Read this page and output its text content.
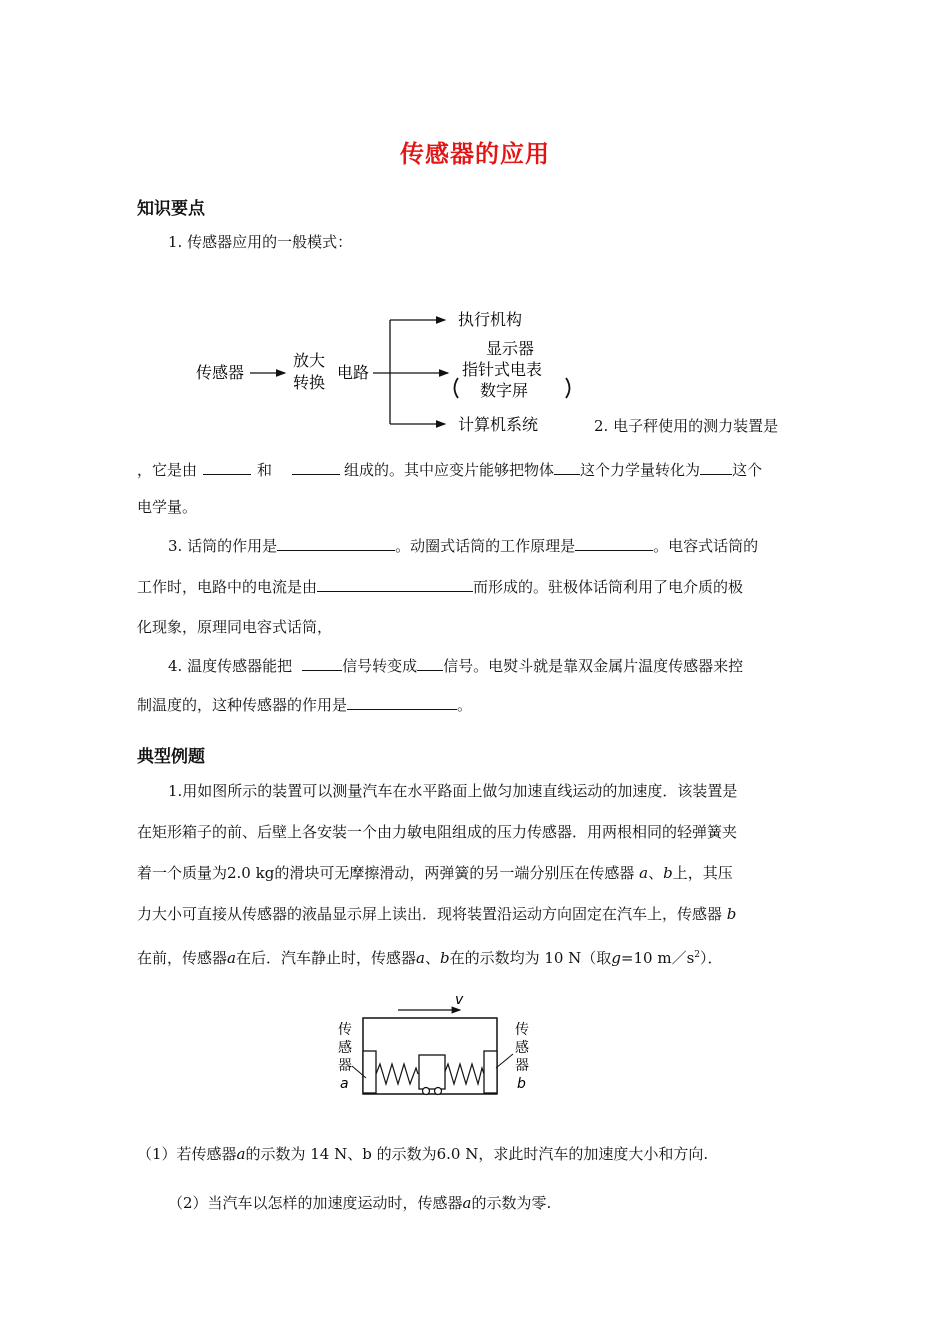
传感器的应用
知识要点
1. 传感器应用的一般模式：
传感器
放大
转换
电路
执行机构
显示器
指针式电表
数字屏
计算机系统	2. 电子秤使用的测力装置是
，它是由	和	组成的。其中应变片能够把物体 这个力学量转化为 这个
电学量。
3. 话筒的作用是	。动圈式话筒的工作原理是	。电容式话筒的
工作时，电路中的电流是由	而形成的。驻极体话筒利用了电介质的极
化现象，原理同电容式话筒，
4. 温度传感器能把	信号转变成 信号。电熨斗就是靠双金属片温度传感器来控
制温度的，这种传感器的作用是	。
典型例题
1.用如图所示的装置可以测量汽车在水平路面上做匀加速直线运动的加速度．该装置是
在矩形箱子的前、后壁上各安装一个由力敏电阻组成的压力传感器．用两根相同的轻弹簧夹
着一个质量为2.0 kg的滑块可无摩擦滑动，两弹簧的另一端分别压在传感器 a、b上，其压
力大小可直接从传感器的液晶显示屏上读出．现将装置沿运动方向固定在汽车上，传感器 b
在前，传感器a在后．汽车静止时，传感器a、b在的示数均为 10 N（取g=10 $m/s^2$）．
v
传
感
器
a
传
感
器
b
（1）若传感器a的示数为 14 N、b 的示数为6.0 N，求此时汽车的加速度大小和方向.
（2）当汽车以怎样的加速度运动时，传感器a的示数为零.
